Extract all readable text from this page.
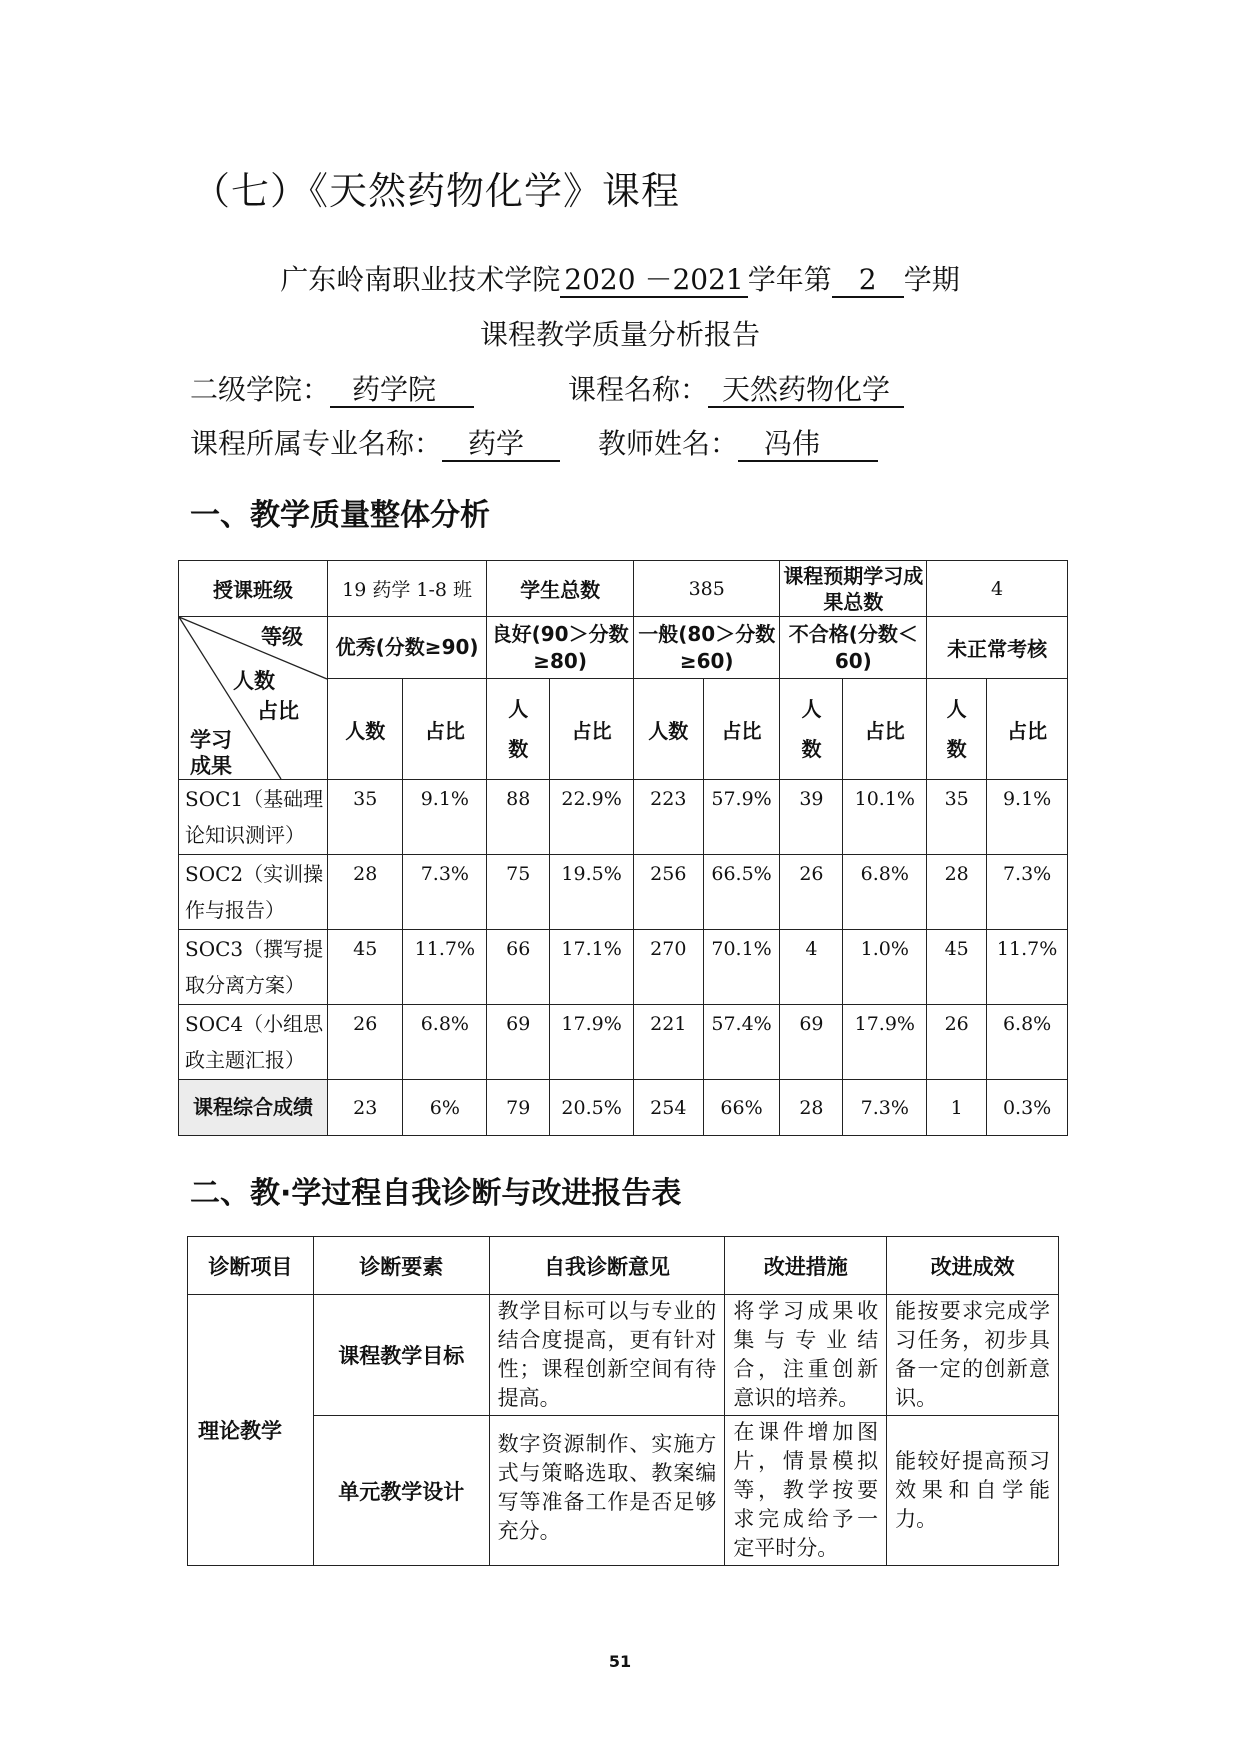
（七）《天然药物化学》课程
广东岭南职业技术学院 2020 －2021 学年第 2 学期
课程教学质量分析报告
二级学院： 药学院	课程名称： 天然药物化学
课程所属专业名称： 药学	教师姓名： 冯伟
一、教学质量整体分析
授课班级	19 药学 1-8 班		学生总数		385		课程预期学习成果总数		4	

等级
人数
占比
学习成果	优秀(分数≥90)		良好(90＞分数≥80)		一般(80＞分数≥60)		不合格(分数＜60)		未正常考核	
	人数	占比	人数	占比	人数	占比	人数	占比	人数	占比
SOC1（基础理论知识测评）	35	9.1%	88	22.9%	223	57.9%	39	10.1%	35	9.1%
SOC2（实训操作与报告）	28	7.3%	75	19.5%	256	66.5%	26	6.8%	28	7.3%
SOC3（撰写提取分离方案）	45	11.7%	66	17.1%	270	70.1%	4	1.0%	45	11.7%
SOC4（小组思政主题汇报）	26	6.8%	69	17.9%	221	57.4%	69	17.9%	26	6.8%
课程综合成绩	23	6%	79	20.5%	254	66%	28	7.3%	1	0.3%
二、教·学过程自我诊断与改进报告表
诊断项目	诊断要素	自我诊断意见	改进措施	改进成效
理论教学	课程教学目标	教学目标可以与专业的结合度提高，更有针对性；课程创新空间有待提高。	将学习成果收集与专业结合，注重创新意识的培养。	能按要求完成学习任务，初步具备一定的创新意识。
	单元教学设计	数字资源制作、实施方式与策略选取、教案编写等准备工作是否足够充分。	在课件增加图片，情景模拟等，教学按要求完成给予一定平时分。	能较好提高预习效果和自学能力。
51
